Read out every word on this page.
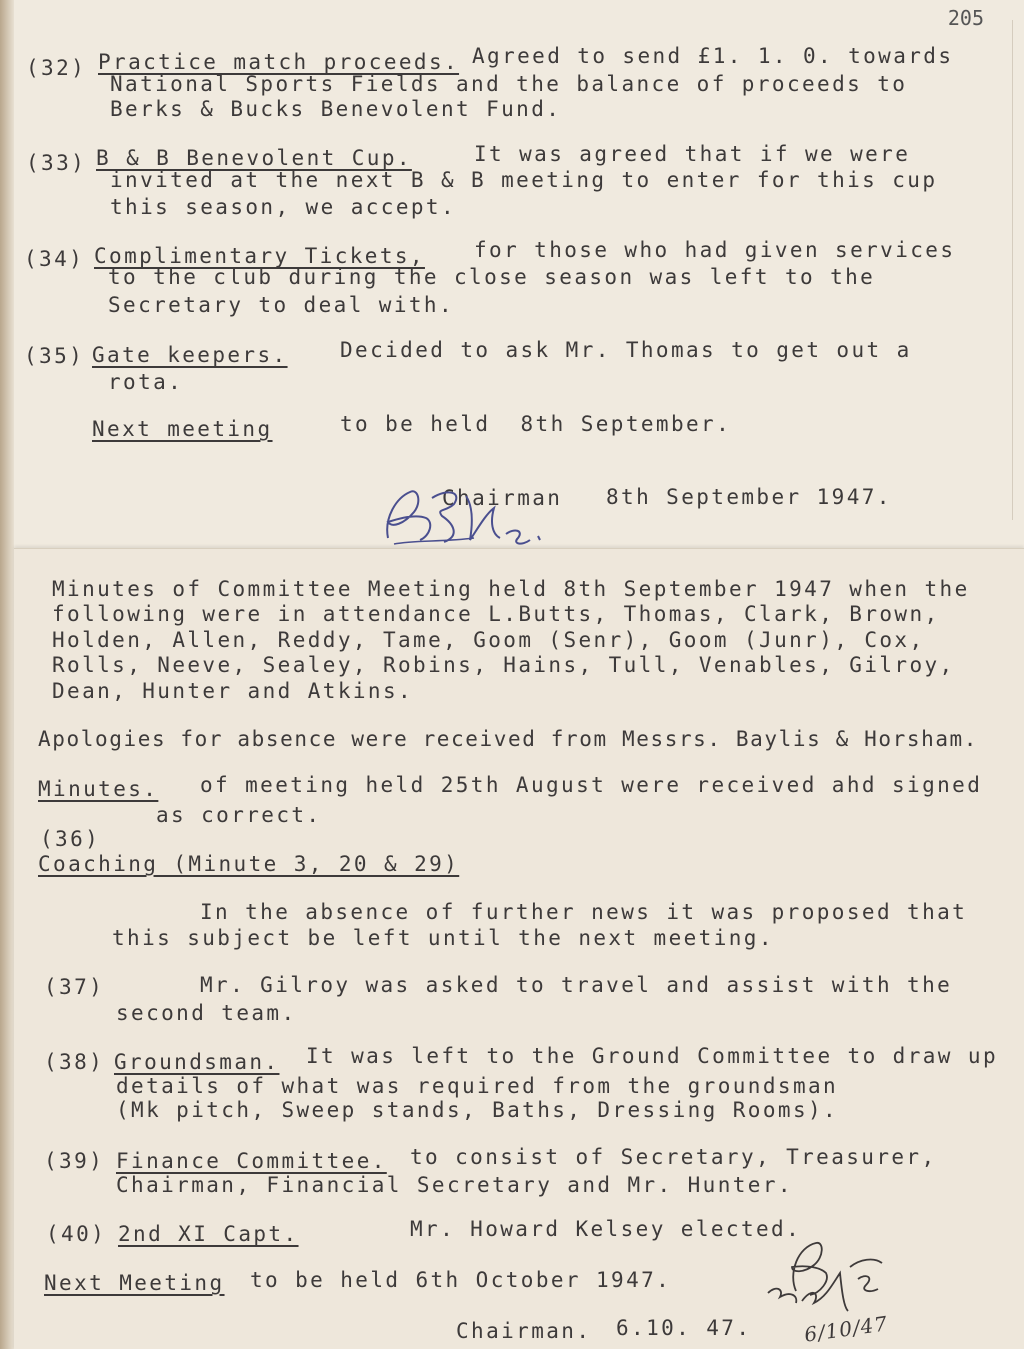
205
(32) Practice match proceeds. Agreed to send £1. 1. 0. towards
National Sports Fields and the balance of proceeds to
Berks & Bucks Benevolent Fund.
(33) B & B Benevolent Cup.	It was agreed that if we were
invited at the next B & B meeting to enter for this cup
this season, we accept.
(34) Complimentary Tickets, for those who had given services
to the club during the close season was left to the
Secretary to deal with.
(35) Gate keepers. Decided to ask Mr. Thomas to get out a
rota.
Next meeting	to be held  8th September.
Chairman 8th September 1947.
Minutes of Committee Meeting held 8th September 1947 when the
following were in attendance L.Butts, Thomas, Clark, Brown,
Holden, Allen, Reddy, Tame, Goom (Senr), Goom (Junr), Cox,
Rolls, Neeve, Sealey, Robins, Hains, Tull, Venables, Gilroy,
Dean, Hunter and Atkins.
Apologies for absence were received from Messrs. Baylis & Horsham.
Minutes. of meeting held 25th August were received ahd signed
as correct.
(36)
Coaching (Minute 3, 20 & 29)
In the absence of further news it was proposed that
this subject be left until the next meeting.
(37)	Mr. Gilroy was asked to travel and assist with the
second team.
(38) Groundsman. It was left to the Ground Committee to draw up
details of what was required from the groundsman
(Mk pitch, Sweep stands, Baths, Dressing Rooms).
(39) Finance Committee. to consist of Secretary, Treasurer,
Chairman, Financial Secretary and Mr. Hunter.
(40) 2nd XI Capt.	Mr. Howard Kelsey elected.
Next Meeting to be held 6th October 1947.
Chairman. 6.10. 47.	6/10/47
